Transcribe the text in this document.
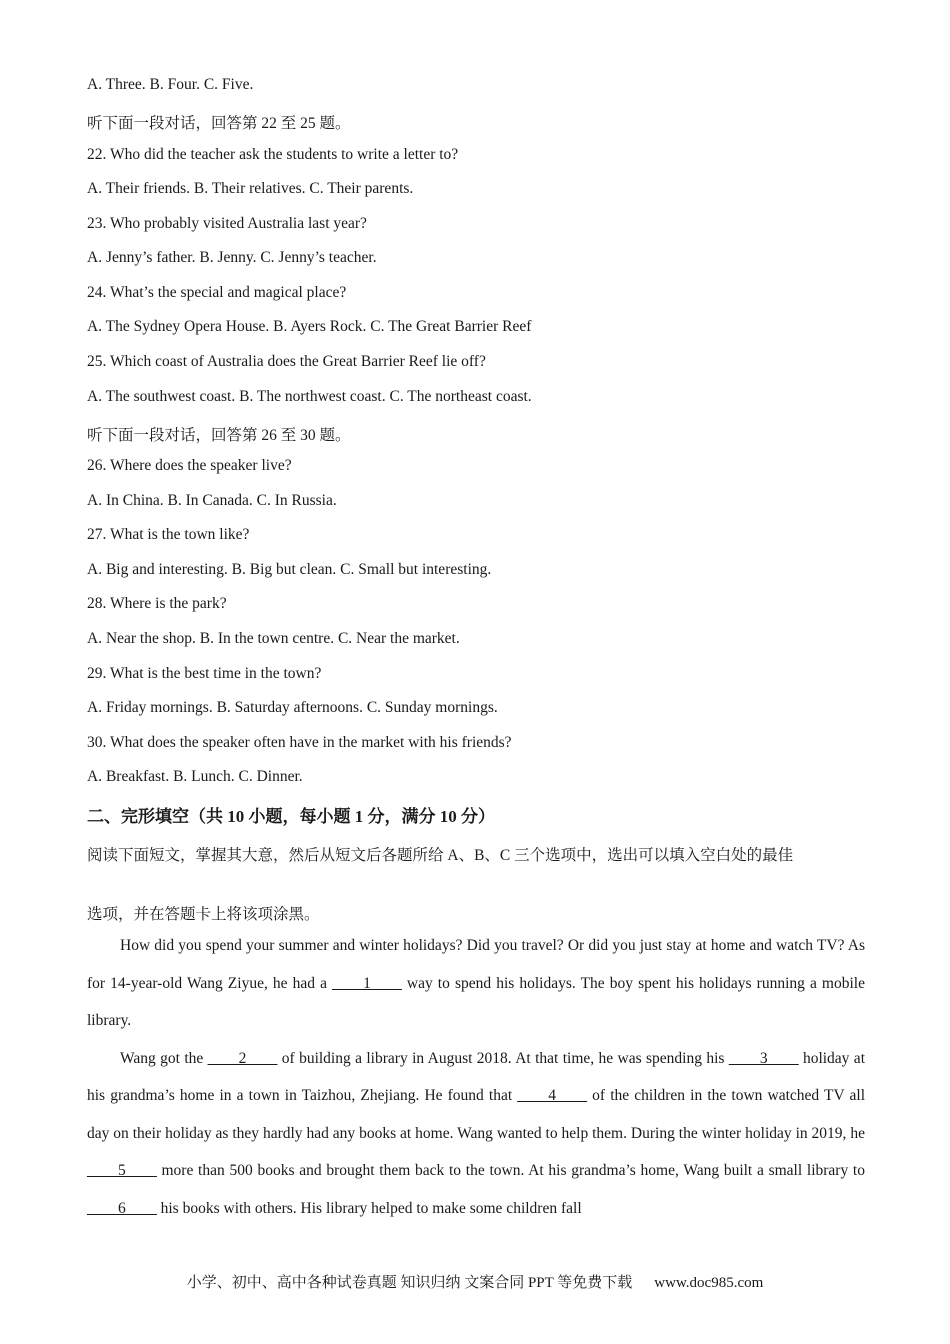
A. Three. B. Four. C. Five.
听下面一段对话，回答第 22 至 25 题。
22. Who did the teacher ask the students to write a letter to?
A. Their friends. B. Their relatives. C. Their parents.
23. Who probably visited Australia last year?
A. Jenny’s father. B. Jenny. C. Jenny’s teacher.
24. What’s the special and magical place?
A. The Sydney Opera House. B. Ayers Rock. C. The Great Barrier Reef
25. Which coast of Australia does the Great Barrier Reef lie off?
A. The southwest coast. B. The northwest coast. C. The northeast coast.
听下面一段对话，回答第 26 至 30 题。
26. Where does the speaker live?
A. In China. B. In Canada. C. In Russia.
27. What is the town like?
A. Big and interesting. B. Big but clean. C. Small but interesting.
28. Where is the park?
A. Near the shop. B. In the town centre. C. Near the market.
29. What is the best time in the town?
A. Friday mornings. B. Saturday afternoons. C. Sunday mornings.
30. What does the speaker often have in the market with his friends?
A. Breakfast. B. Lunch. C. Dinner.
二、完形填空（共 10 小题，每小题 1 分，满分 10 分）
阅读下面短文，掌握其大意，然后从短文后各题所给 A、B、C 三个选项中，选出可以填入空白处的最佳
选项，并在答题卡上将该项涂黑。

How did you spend your summer and winter holidays? Did you travel? Or did you just stay at home and watch TV? As for 14-year-old Wang Ziyue, he had a ____1____ way to spend his holidays. The boy spent his holidays running a mobile library.

Wang got the ____2____ of building a library in August 2018. At that time, he was spending his ____3____ holiday at his grandma’s home in a town in Taizhou, Zhejiang. He found that ____4____ of the children in the town watched TV all day on their holiday as they hardly had any books at home. Wang wanted to help them. During the winter holiday in 2019, he ____5____ more than 500 books and brought them back to the town. At his grandma’s home, Wang built a small library to ____6____ his books with others. His library helped to make some children fall

小学、初中、高中各种试卷真题 知识归纳 文案合同 PPT 等免费下载 www.doc985.com
